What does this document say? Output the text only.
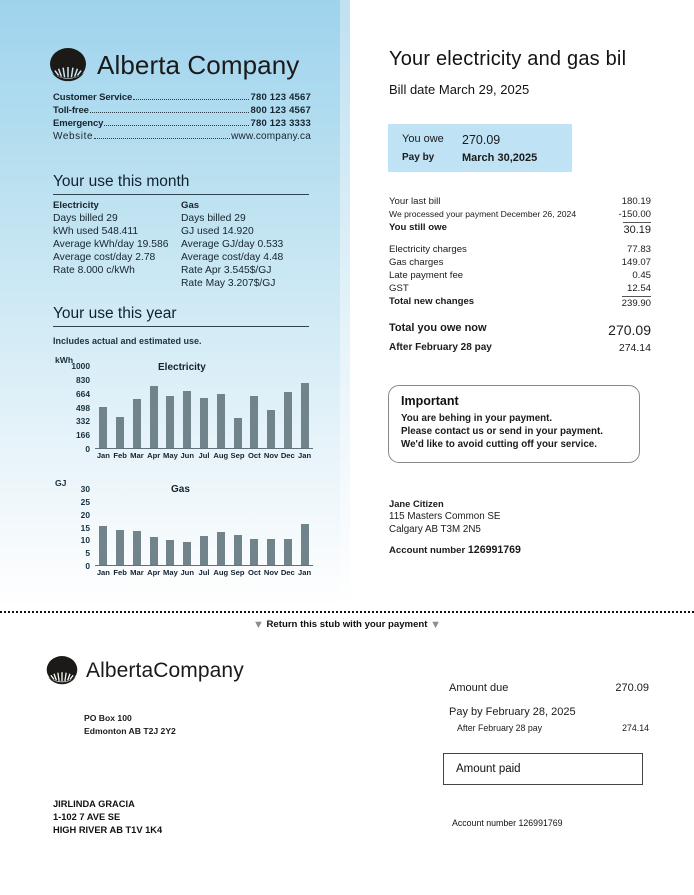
Alberta Company
Customer Service	780 123 4567
Toll-free	800 123 4567
Emergency	780 123 3333
Website	www.company.ca
Your use this month
Electricity
Days billed 29
kWh used 548.411
Average kWh/day 19.586
Average cost/day 2.78
Rate 8.000 c/kWh
Gas
Days billed 29
GJ used 14.920
Average GJ/day 0.533
Average cost/day 4.48
Rate Apr 3.545$/GJ
Rate May 3.207$/GJ
Your use this year
Includes actual and estimated use.
kWh
Electricity
0
166
332
498
664
830
1000
Jan Feb Mar Apr May Jun Jul Aug Sep Oct Nov Dec Jan
GJ
Gas
0
5
10
15
20
25
30
Jan Feb Mar Apr May Jun Jul Aug Sep Oct Nov Dec Jan
Your electricity and gas bil
Bill date March 29, 2025
You owe	270.09
Pay by	March 30,2025
Your last bill	180.19
We processed your payment December 26, 2024	-150.00
You still owe	30.19
Electricity charges	77.83
Gas charges	149.07
Late payment fee	0.45
GST	12.54
Total new changes	239.90
Total you owe now	270.09
After February 28 pay	274.14
Important

You are behing in your payment.

Please contact us or send in your payment.

We'd like to avoid cutting off your service.

Jane Citizen
115 Masters Common SE
Calgary AB T3M 2N5
Account number 126991769
▼ Return this stub with your payment ▼
AlbertaCompany
PO Box 100
Edmonton AB T2J 2Y2
JIRLINDA GRACIA
1-102 7 AVE SE
HIGH RIVER AB T1V 1K4
Amount due	270.09
Pay by February 28, 2025
After February 28 pay	274.14
Amount paid
Account number 126991769
